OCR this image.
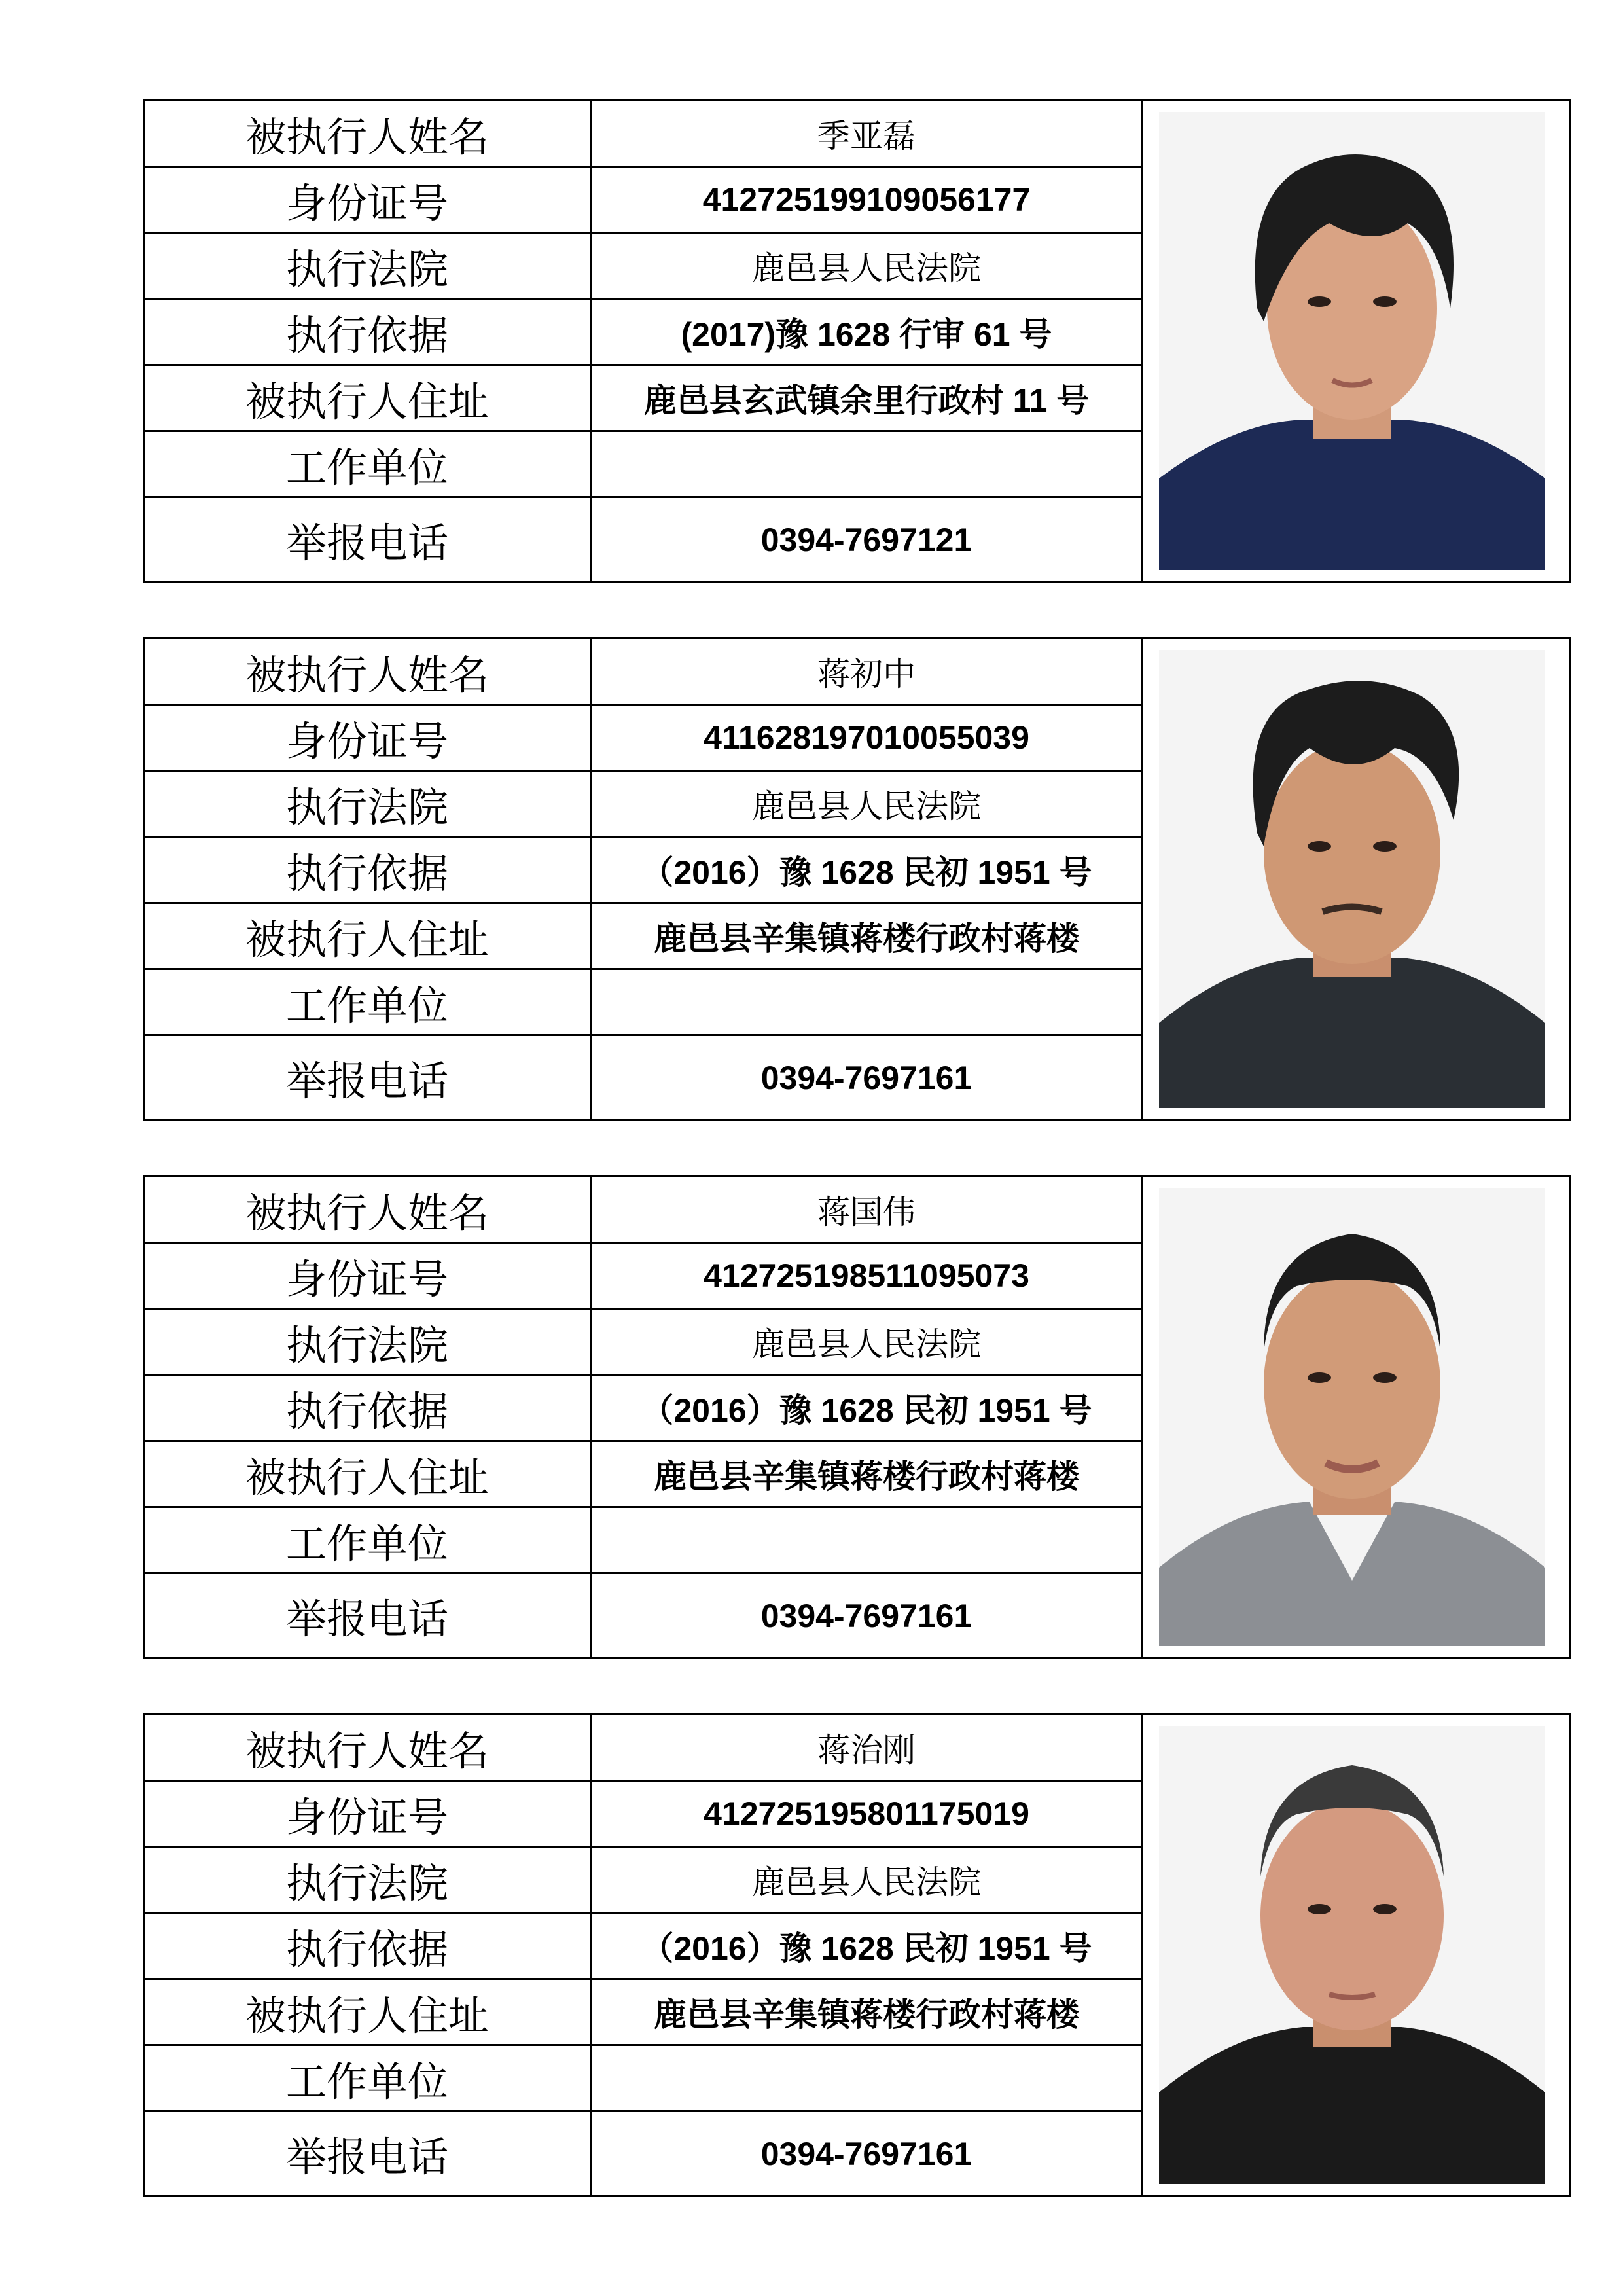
被执行人姓名	季亚磊	

身份证号	412725199109056177	
执行法院	鹿邑县人民法院	
执行依据	(2017)豫 1628 行审 61 号	
被执行人住址	鹿邑县玄武镇余里行政村 11 号	
工作单位		
举报电话	0394-7697121	
被执行人姓名	蒋初中	

身份证号	411628197010055039	
执行法院	鹿邑县人民法院	
执行依据	（2016）豫 1628 民初 1951 号	
被执行人住址	鹿邑县辛集镇蒋楼行政村蒋楼	
工作单位		
举报电话	0394-7697161	
被执行人姓名	蒋国伟	

身份证号	412725198511095073	
执行法院	鹿邑县人民法院	
执行依据	（2016）豫 1628 民初 1951 号	
被执行人住址	鹿邑县辛集镇蒋楼行政村蒋楼	
工作单位		
举报电话	0394-7697161	
被执行人姓名	蒋治刚	

身份证号	412725195801175019	
执行法院	鹿邑县人民法院	
执行依据	（2016）豫 1628 民初 1951 号	
被执行人住址	鹿邑县辛集镇蒋楼行政村蒋楼	
工作单位		
举报电话	0394-7697161	
